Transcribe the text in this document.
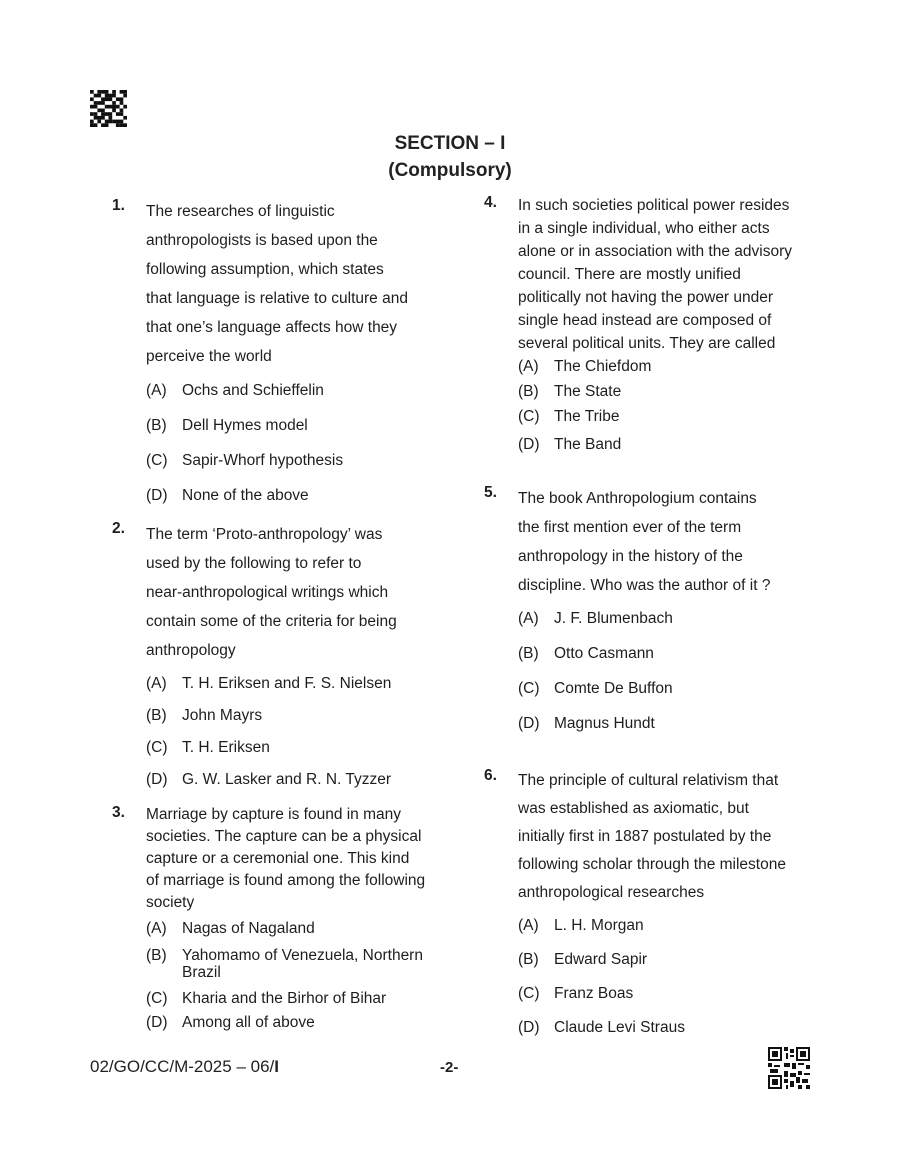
SECTION – I
(Compulsory)
1. The researches of linguistic
anthropologists is based upon the
following assumption, which states
that language is relative to culture and
that one’s language affects how they
perceive the world
(A) Ochs and Schieffelin
(B) Dell Hymes model
(C) Sapir-Whorf hypothesis
(D) None of the above
2. The term ‘Proto-anthropology’ was
used by the following to refer to
near-anthropological writings which
contain some of the criteria for being
anthropology
(A) T. H. Eriksen and F. S. Nielsen
(B) John Mayrs
(C) T. H. Eriksen
(D) G. W. Lasker and R. N. Tyzzer
3. Marriage by capture is found in many
societies. The capture can be a physical
capture or a ceremonial one. This kind
of marriage is found among the following
society
(A) Nagas of Nagaland
(B) Yahomamo of Venezuela, Northern
Brazil
(C) Kharia and the Birhor of Bihar
(D) Among all of above
4. In such societies political power resides
in a single individual, who either acts
alone or in association with the advisory
council. There are mostly unified
politically not having the power under
single head instead are composed of
several political units. They are called
(A) The Chiefdom
(B) The State
(C) The Tribe
(D) The Band
5. The book Anthropologium contains
the first mention ever of the term
anthropology in the history of the
discipline. Who was the author of it ?
(A) J. F. Blumenbach
(B) Otto Casmann
(C) Comte De Buffon
(D) Magnus Hundt
6. The principle of cultural relativism that
was established as axiomatic, but
initially first in 1887 postulated by the
following scholar through the milestone
anthropological researches
(A) L. H. Morgan
(B) Edward Sapir
(C) Franz Boas
(D) Claude Levi Straus
02/GO/CC/M-2025 – 06/I	-2-
